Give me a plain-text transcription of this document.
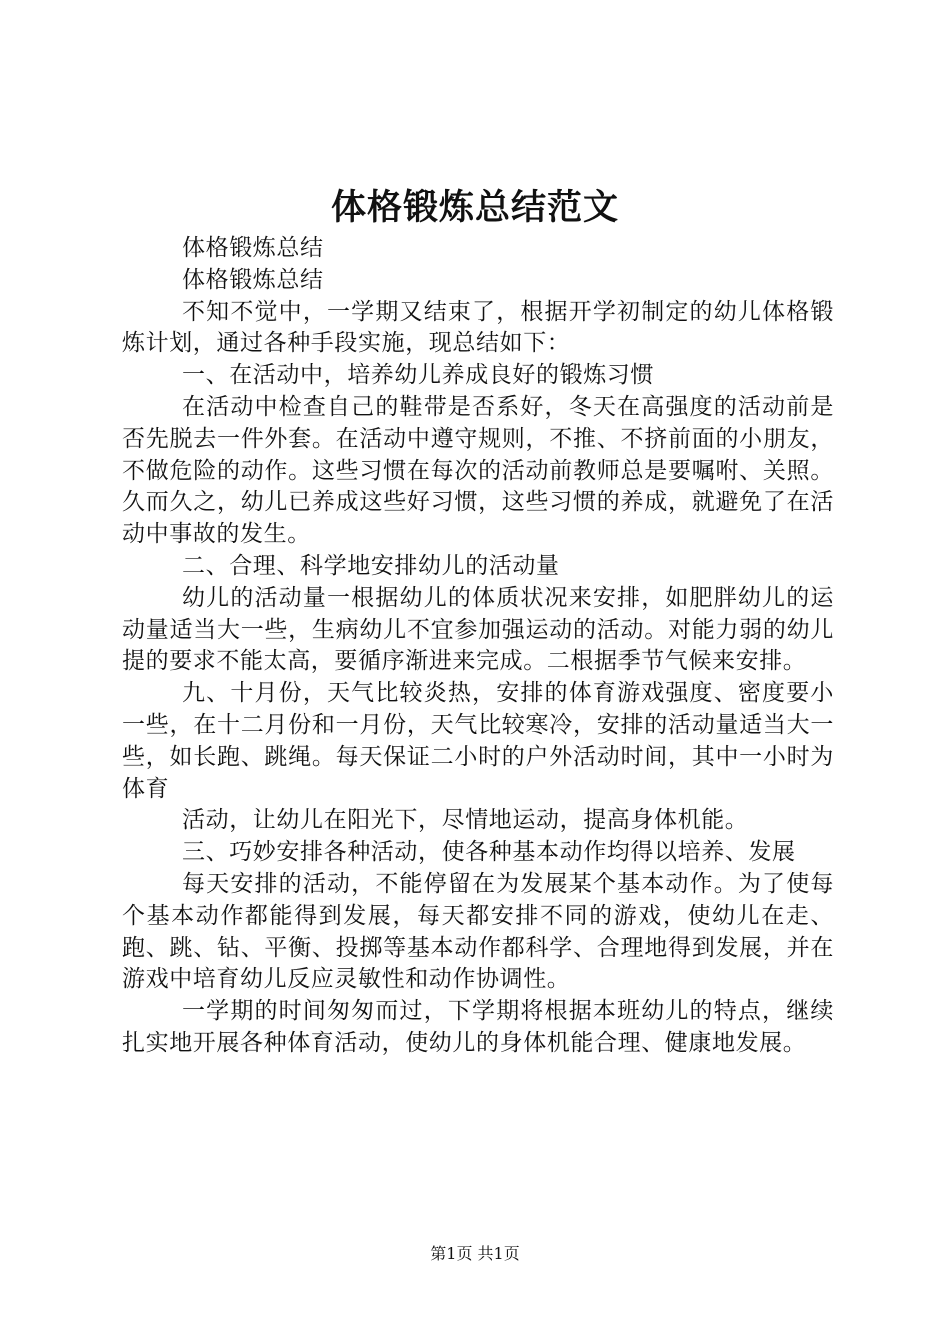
体格锻炼总结范文

体格锻炼总结

体格锻炼总结

不知不觉中，一学期又结束了，根据开学初制定的幼儿体格锻炼计划，通过各种手段实施，现总结如下：

一、在活动中，培养幼儿养成良好的锻炼习惯

在活动中检查自己的鞋带是否系好，冬天在高强度的活动前是否先脱去一件外套。在活动中遵守规则，不推、不挤前面的小朋友，不做危险的动作。这些习惯在每次的活动前教师总是要嘱咐、关照。久而久之，幼儿已养成这些好习惯，这些习惯的养成，就避免了在活动中事故的发生。

二、合理、科学地安排幼儿的活动量

幼儿的活动量一根据幼儿的体质状况来安排，如肥胖幼儿的运动量适当大一些，生病幼儿不宜参加强运动的活动。对能力弱的幼儿提的要求不能太高，要循序渐进来完成。二根据季节气候来安排。

九、十月份，天气比较炎热，安排的体育游戏强度、密度要小一些，在十二月份和一月份，天气比较寒冷，安排的活动量适当大一些，如长跑、跳绳。每天保证二小时的户外活动时间，其中一小时为体育

活动，让幼儿在阳光下，尽情地运动，提高身体机能。

三、巧妙安排各种活动，使各种基本动作均得以培养、发展

每天安排的活动，不能停留在为发展某个基本动作。为了使每个基本动作都能得到发展，每天都安排不同的游戏，使幼儿在走、跑、跳、钻、平衡、投掷等基本动作都科学、合理地得到发展，并在游戏中培育幼儿反应灵敏性和动作协调性。

一学期的时间匆匆而过，下学期将根据本班幼儿的特点，继续扎实地开展各种体育活动，使幼儿的身体机能合理、健康地发展。

第1页 共1页
